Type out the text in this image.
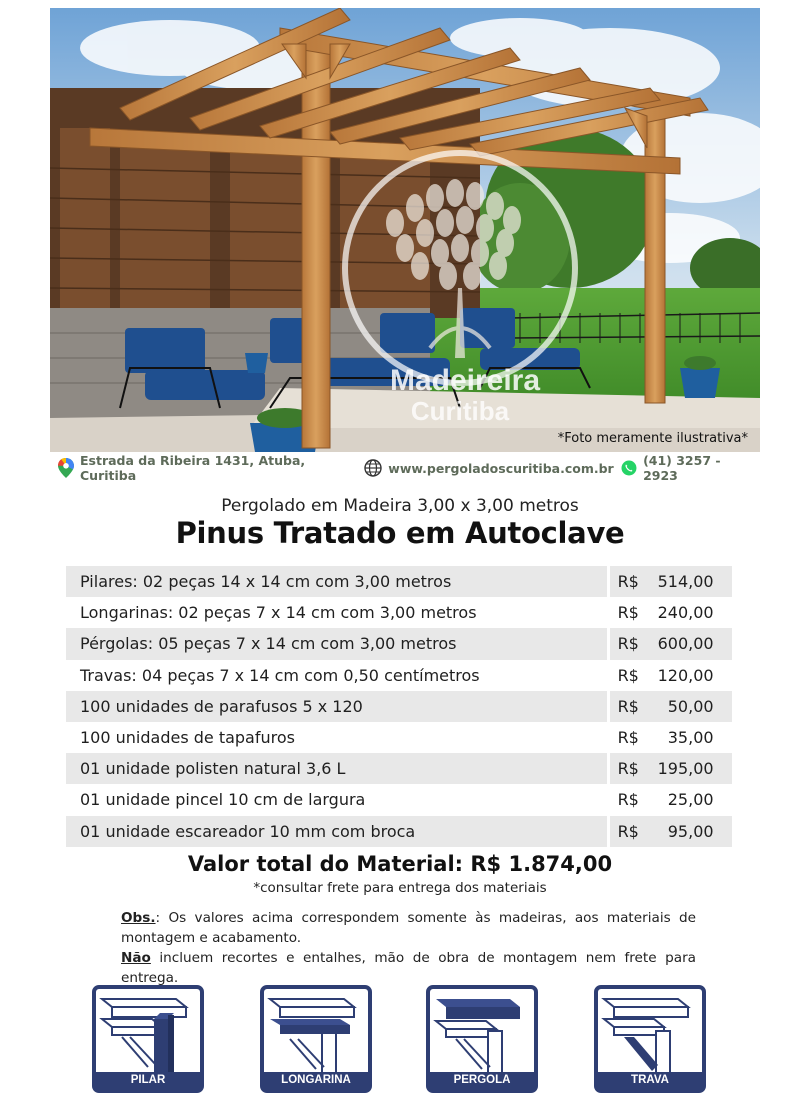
Madeireira
Curitiba
*Foto meramente ilustrativa*
Estrada da Ribeira 1431, Atuba, Curitiba	www.pergoladoscuritiba.com.br (41) 3257 - 2923
Pergolado em Madeira 3,00 x 3,00 metros
Pinus Tratado em Autoclave
Pilares: 02 peças 14 x 14 cm com 3,00 metros	R$	514,00
Longarinas: 02 peças 7 x 14 cm com 3,00 metros	R$	240,00
Pérgolas: 05 peças 7 x 14 cm com 3,00 metros	R$	600,00
Travas: 04 peças 7 x 14 cm com 0,50 centímetros	R$	120,00
100 unidades de parafusos 5 x 120	R$	50,00
100 unidades de tapafuros	R$	35,00
01 unidade polisten natural 3,6 L	R$	195,00
01 unidade pincel 10 cm de largura	R$	25,00
01 unidade escareador 10 mm com broca	R$	95,00
Valor total do Material: R$ 1.874,00
*consultar frete para entrega dos materiais
Obs.: Os valores acima correspondem somente às madeiras, aos materiais de montagem e acabamento.
Não incluem recortes e entalhes, mão de obra de montagem nem frete para entrega.
PILAR	LONGARINA	PERGOLA	TRAVA
